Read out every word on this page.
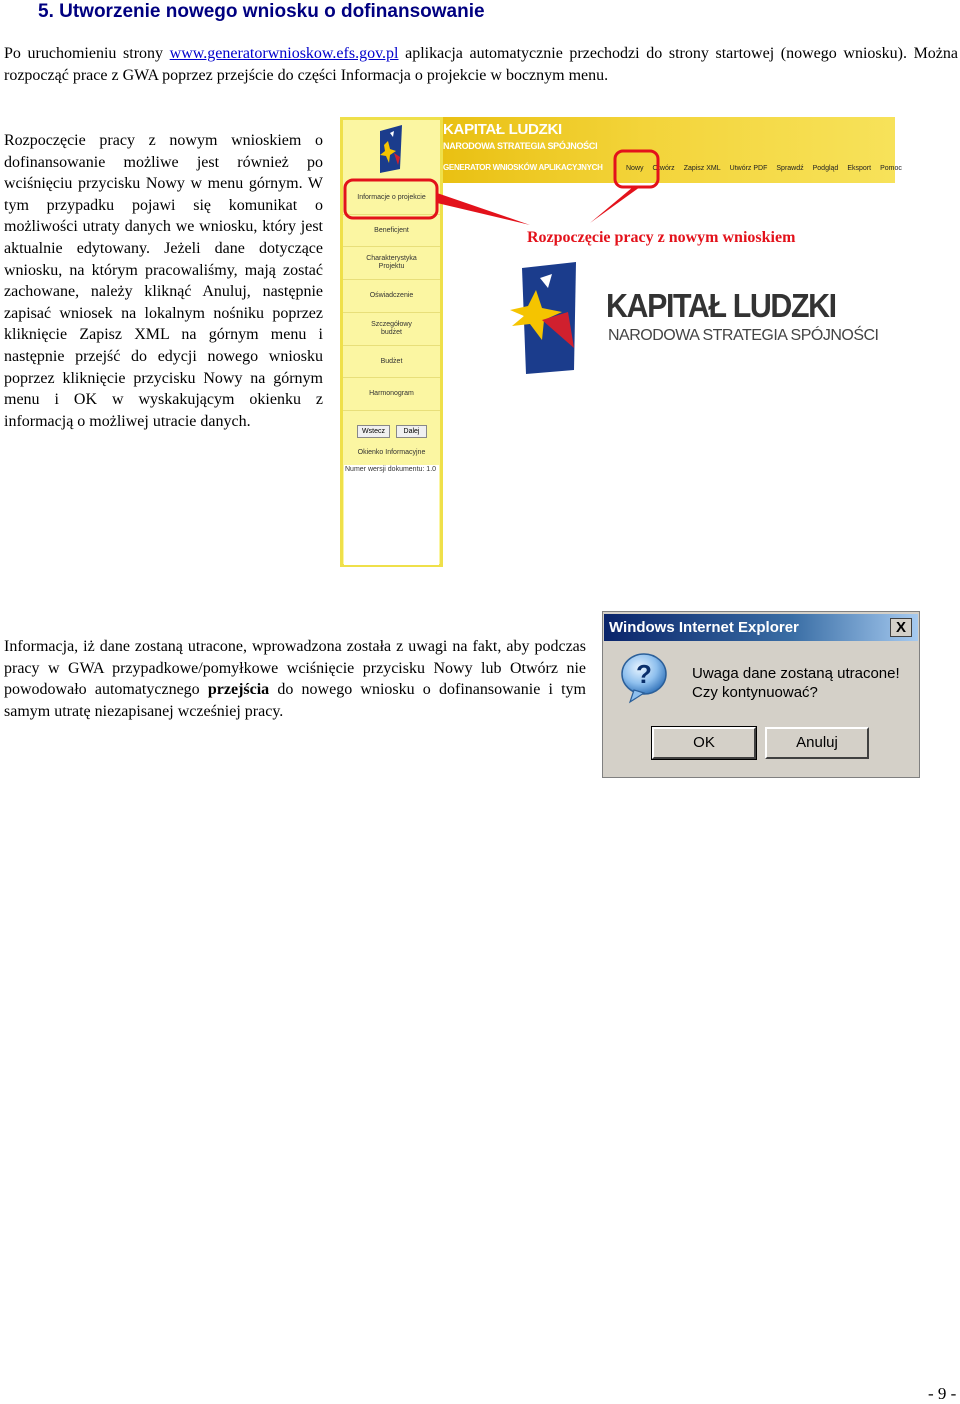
5. Utworzenie nowego wniosku o dofinansowanie
Po uruchomieniu strony www.generatorwnioskow.efs.gov.pl aplikacja automatycznie przechodzi do strony startowej (nowego wniosku). Można rozpocząć prace z GWA poprzez przejście do części Informacja o projekcie w bocznym menu.
Rozpoczęcie pracy z nowym wnioskiem o dofinansowanie możliwe jest również po wciśnięciu przycisku Nowy w menu górnym. W tym przypadku pojawi się komunikat o możliwości utraty danych we wniosku, który jest aktualnie edytowany. Jeżeli dane dotyczące wniosku, na którym pracowaliśmy, mają zostać zachowane, należy kliknąć Anuluj, następnie zapisać wniosek na lokalnym nośniku poprzez kliknięcie Zapisz XML na górnym menu i następnie przejść do edycji nowego wniosku poprzez kliknięcie przycisku Nowy na górnym menu i OK w wyskakującym okienku z informacją o możliwej utracie danych.
KAPITAŁ LUDZKI
NARODOWA STRATEGIA SPÓJNOŚCI
GENERATOR WNIOSKÓW APLIKACYJNYCH	Nowy Otwórz Zapisz XML Utwórz PDF Sprawdź Podgląd Eksport Pomoc
Informacje o projekcie
Beneficjent
Charakterystyka Projektu
Oświadczenie
Szczegółowy budżet
Budżet
Harmonogram
Wstecz	Dalej
Okienko Informacyjne
Numer wersji dokumentu: 1.0
Rozpoczęcie pracy z nowym wnioskiem
KAPITAŁ LUDZKI
NARODOWA STRATEGIA SPÓJNOŚCI
Informacja, iż dane zostaną utracone, wprowadzona została z uwagi na fakt, aby podczas pracy w GWA przypadkowe/pomyłkowe wciśnięcie przycisku Nowy lub Otwórz nie powodowało automatycznego przejścia do nowego wniosku o dofinansowanie i tym samym utratę niezapisanej wcześniej pracy.
Windows Internet Explorer	X
?	Uwaga dane zostaną utracone!
Czy kontynuować?
OK	Anuluj
- 9 -
